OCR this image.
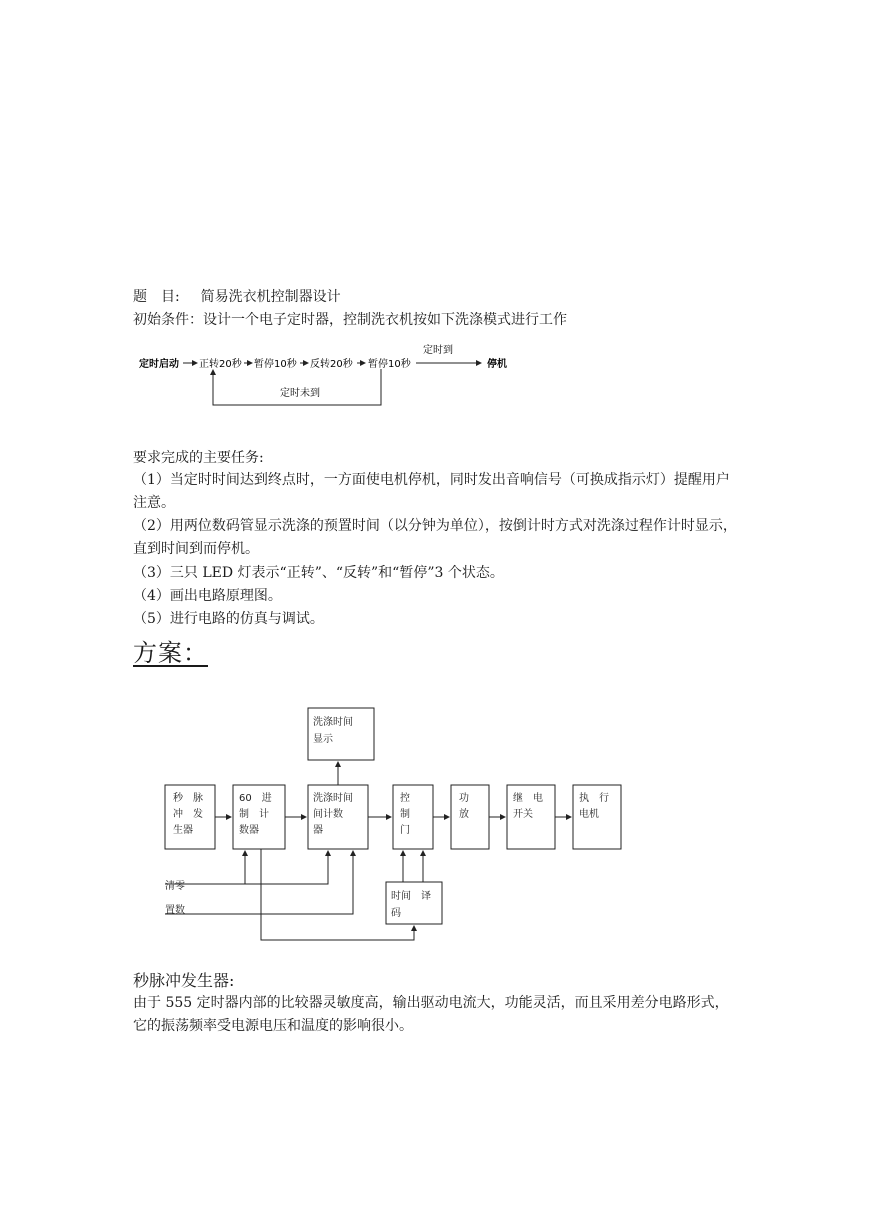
题　目: 简易洗衣机控制器设计
初始条件：设计一个电子定时器，控制洗衣机按如下洗涤模式进行工作
定时启动 正转20秒 暂停10秒 反转20秒 暂停10秒
定时到
停机
定时未到
要求完成的主要任务:
（1）当定时时间达到终点时，一方面使电机停机，同时发出音响信号（可换成指示灯）提醒用户注意。
（2）用两位数码管显示洗涤的预置时间（以分钟为单位），按倒计时方式对洗涤过程作计时显示，直到时间到而停机。
（3）三只 LED 灯表示“正转”、“反转”和“暂停”3 个状态。
（4）画出电路原理图。
（5）进行电路的仿真与调试。
方案：
洗涤时间
显示
秒　脉
冲　发
生器
60　进
制　计
数器
洗涤时间
间计数
器
控
制
门
功
放
继　电
开关
执　行
电机
时间　译
码
清零
置数
秒脉冲发生器:
由于 555 定时器内部的比较器灵敏度高，输出驱动电流大，功能灵活，而且采用差分电路形式，它的振荡频率受电源电压和温度的影响很小。
